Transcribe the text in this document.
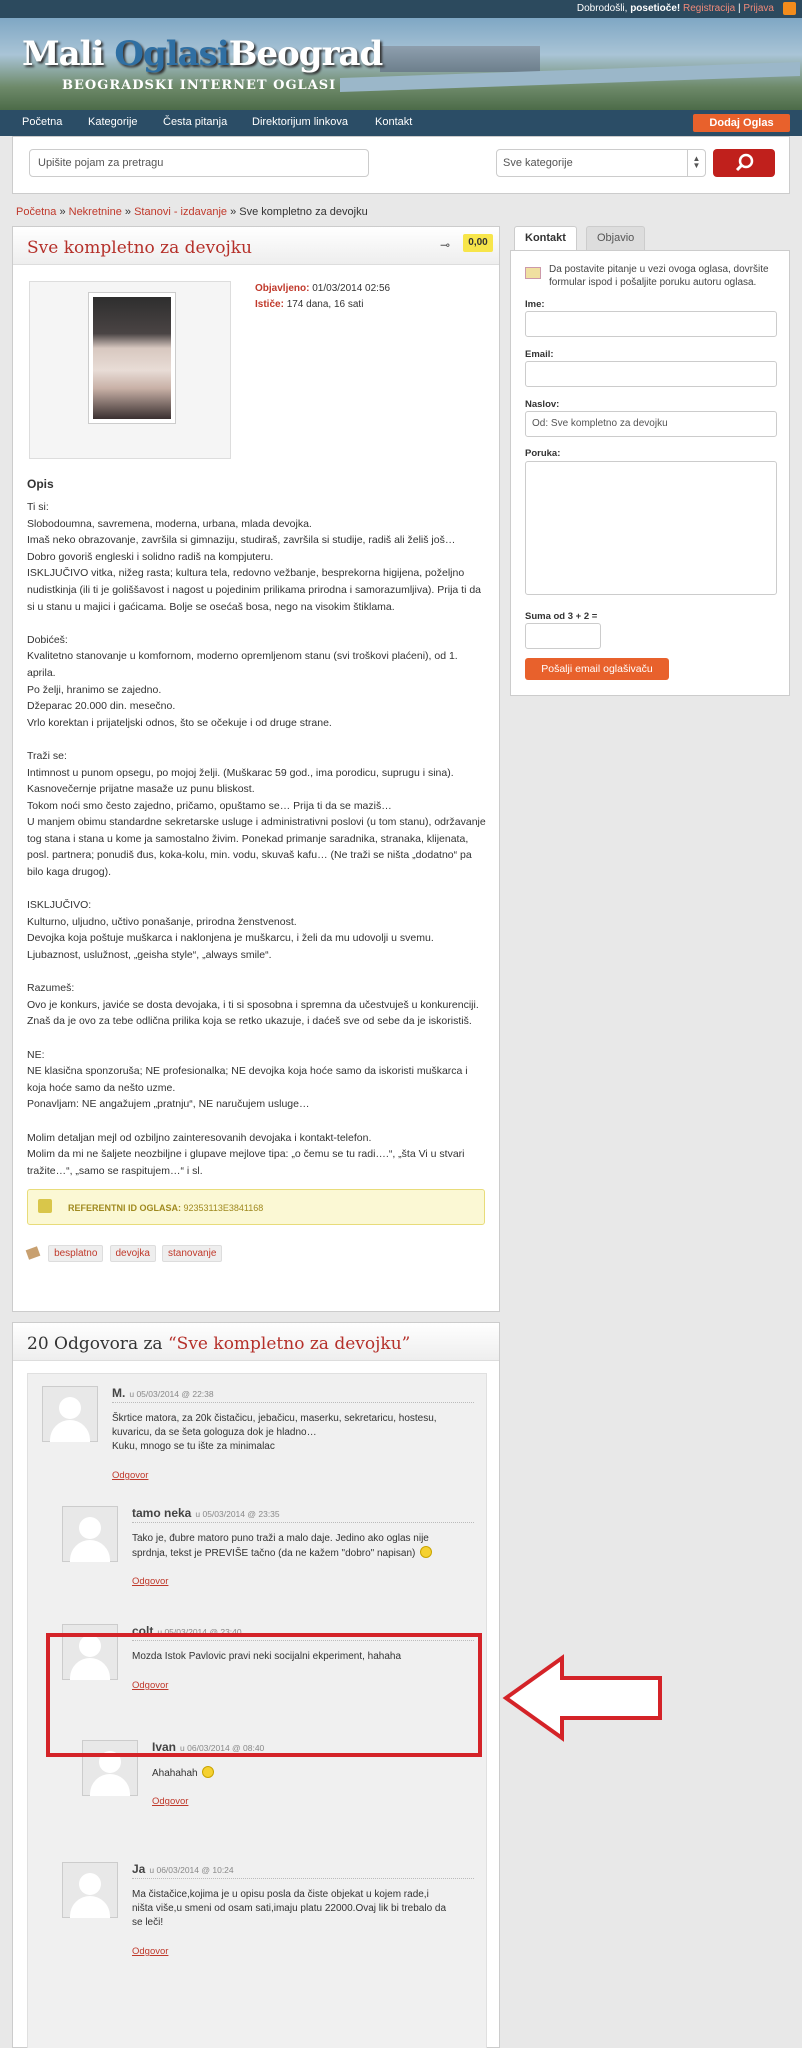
Dobrodošli, posetioče! Registracija | Prijava
Mali OglasiBeograd
BEOGRADSKI INTERNET OGLASI
Početna Kategorije Česta pitanja Direktorijum linkova Kontakt	Dodaj Oglas
Upišite pojam za pretragu	Sve kategorije	▲
▼
Početna » Nekretnine » Stanovi - izdavanje » Sve kompletno za devojku
Sve kompletno za devojku	⊸	0,00
Objavljeno: 01/03/2014 02:56
Ističe: 174 dana, 16 sati
Opis
Ti si:
Slobodoumna, savremena, moderna, urbana, mlada devojka.
Imaš neko obrazovanje, završila si gimnaziju, studiraš, završila si studije, radiš ali želiš još…
Dobro govoriš engleski i solidno radiš na kompjuteru.
ISKLJUČIVO vitka, nižeg rasta; kultura tela, redovno vežbanje, besprekorna higijena, poželjno
nudistkinja (ili ti je goliššavost i nagost u pojedinim prilikama prirodna i samorazumljiva). Prija ti da
si u stanu u majici i gaćicama. Bolje se osećaš bosa, nego na visokim štiklama.

Dobićeš:
Kvalitetno stanovanje u komfornom, moderno opremljenom stanu (svi troškovi plaćeni), od 1.
aprila.
Po želji, hranimo se zajedno.
Džeparac 20.000 din. mesečno.
Vrlo korektan i prijateljski odnos, što se očekuje i od druge strane.

Traži se:
Intimnost u punom opsegu, po mojoj želji. (Muškarac 59 god., ima porodicu, suprugu i sina).
Kasnovečernje prijatne masaže uz punu bliskost.
Tokom noći smo često zajedno, pričamo, opuštamo se… Prija ti da se maziš…
U manjem obimu standardne sekretarske usluge i administrativni poslovi (u tom stanu), održavanje
tog stana i stana u kome ja samostalno živim. Ponekad primanje saradnika, stranaka, klijenata,
posl. partnera; ponudiš đus, koka-kolu, min. vodu, skuvaš kafu… (Ne traži se ništa „dodatno“ pa
bilo kaga drugog).

ISKLJUČIVO:
Kulturno, uljudno, učtivo ponašanje, prirodna ženstvenost.
Devojka koja poštuje muškarca i naklonjena je muškarcu, i želi da mu udovolji u svemu.
Ljubaznost, uslužnost, „geisha style“, „always smile“.

Razumeš:
Ovo je konkurs, javiće se dosta devojaka, i ti si sposobna i spremna da učestvuješ u konkurenciji.
Znaš da je ovo za tebe odlična prilika koja se retko ukazuje, i daćeš sve od sebe da je iskoristiš.

NE:
NE klasična sponzoruša; NE profesionalka; NE devojka koja hoće samo da iskoristi muškarca i
koja hoće samo da nešto uzme.
Ponavljam: NE angažujem „pratnju“, NE naručujem usluge…

Molim detaljan mejl od ozbiljno zainteresovanih devojaka i kontakt-telefon.
Molim da mi ne šaljete neozbiljne i glupave mejlove tipa: „o čemu se tu radi….“, „šta Vi u stvari
tražite…“, „samo se raspitujem…“ i sl.
REFERENTNI ID OGLASA: 92353113E3841168
besplatno devojka stanovanje
Kontakt	Objavio
Da postavite pitanje u vezi ovoga oglasa, dovršite formular ispod i pošaljite poruku autoru oglasa.
Ime:
Email:
Naslov:
Od: Sve kompletno za devojku
Poruka:
Suma od 3 + 2 =
Pošalji email oglašivaču
20 Odgovora za “Sve kompletno za devojku”
M. u 05/03/2014 @ 22:38
Škrtice matora, za 20k čistačicu, jebačicu, maserku, sekretaricu, hostesu,
kuvaricu, da se šeta gologuza dok je hladno…
Kuku, mnogo se tu ište za minimalac
Odgovor
tamo neka u 05/03/2014 @ 23:35
Tako je, đubre matoro puno traži a malo daje. Jedino ako oglas nije
sprdnja, tekst je PREVIŠE tačno (da ne kažem "dobro" napisan)
Odgovor
colt u 05/03/2014 @ 23:40
Mozda Istok Pavlovic pravi neki socijalni ekperiment, hahaha
Odgovor
Ivan u 06/03/2014 @ 08:40
Ahahahah
Odgovor
Ja u 06/03/2014 @ 10:24
Ma čistačice,kojima je u opisu posla da čiste objekat u kojem rade,i
ništa više,u smeni od osam sati,imaju platu 22000.Ovaj lik bi trebalo da
se leči!
Odgovor
